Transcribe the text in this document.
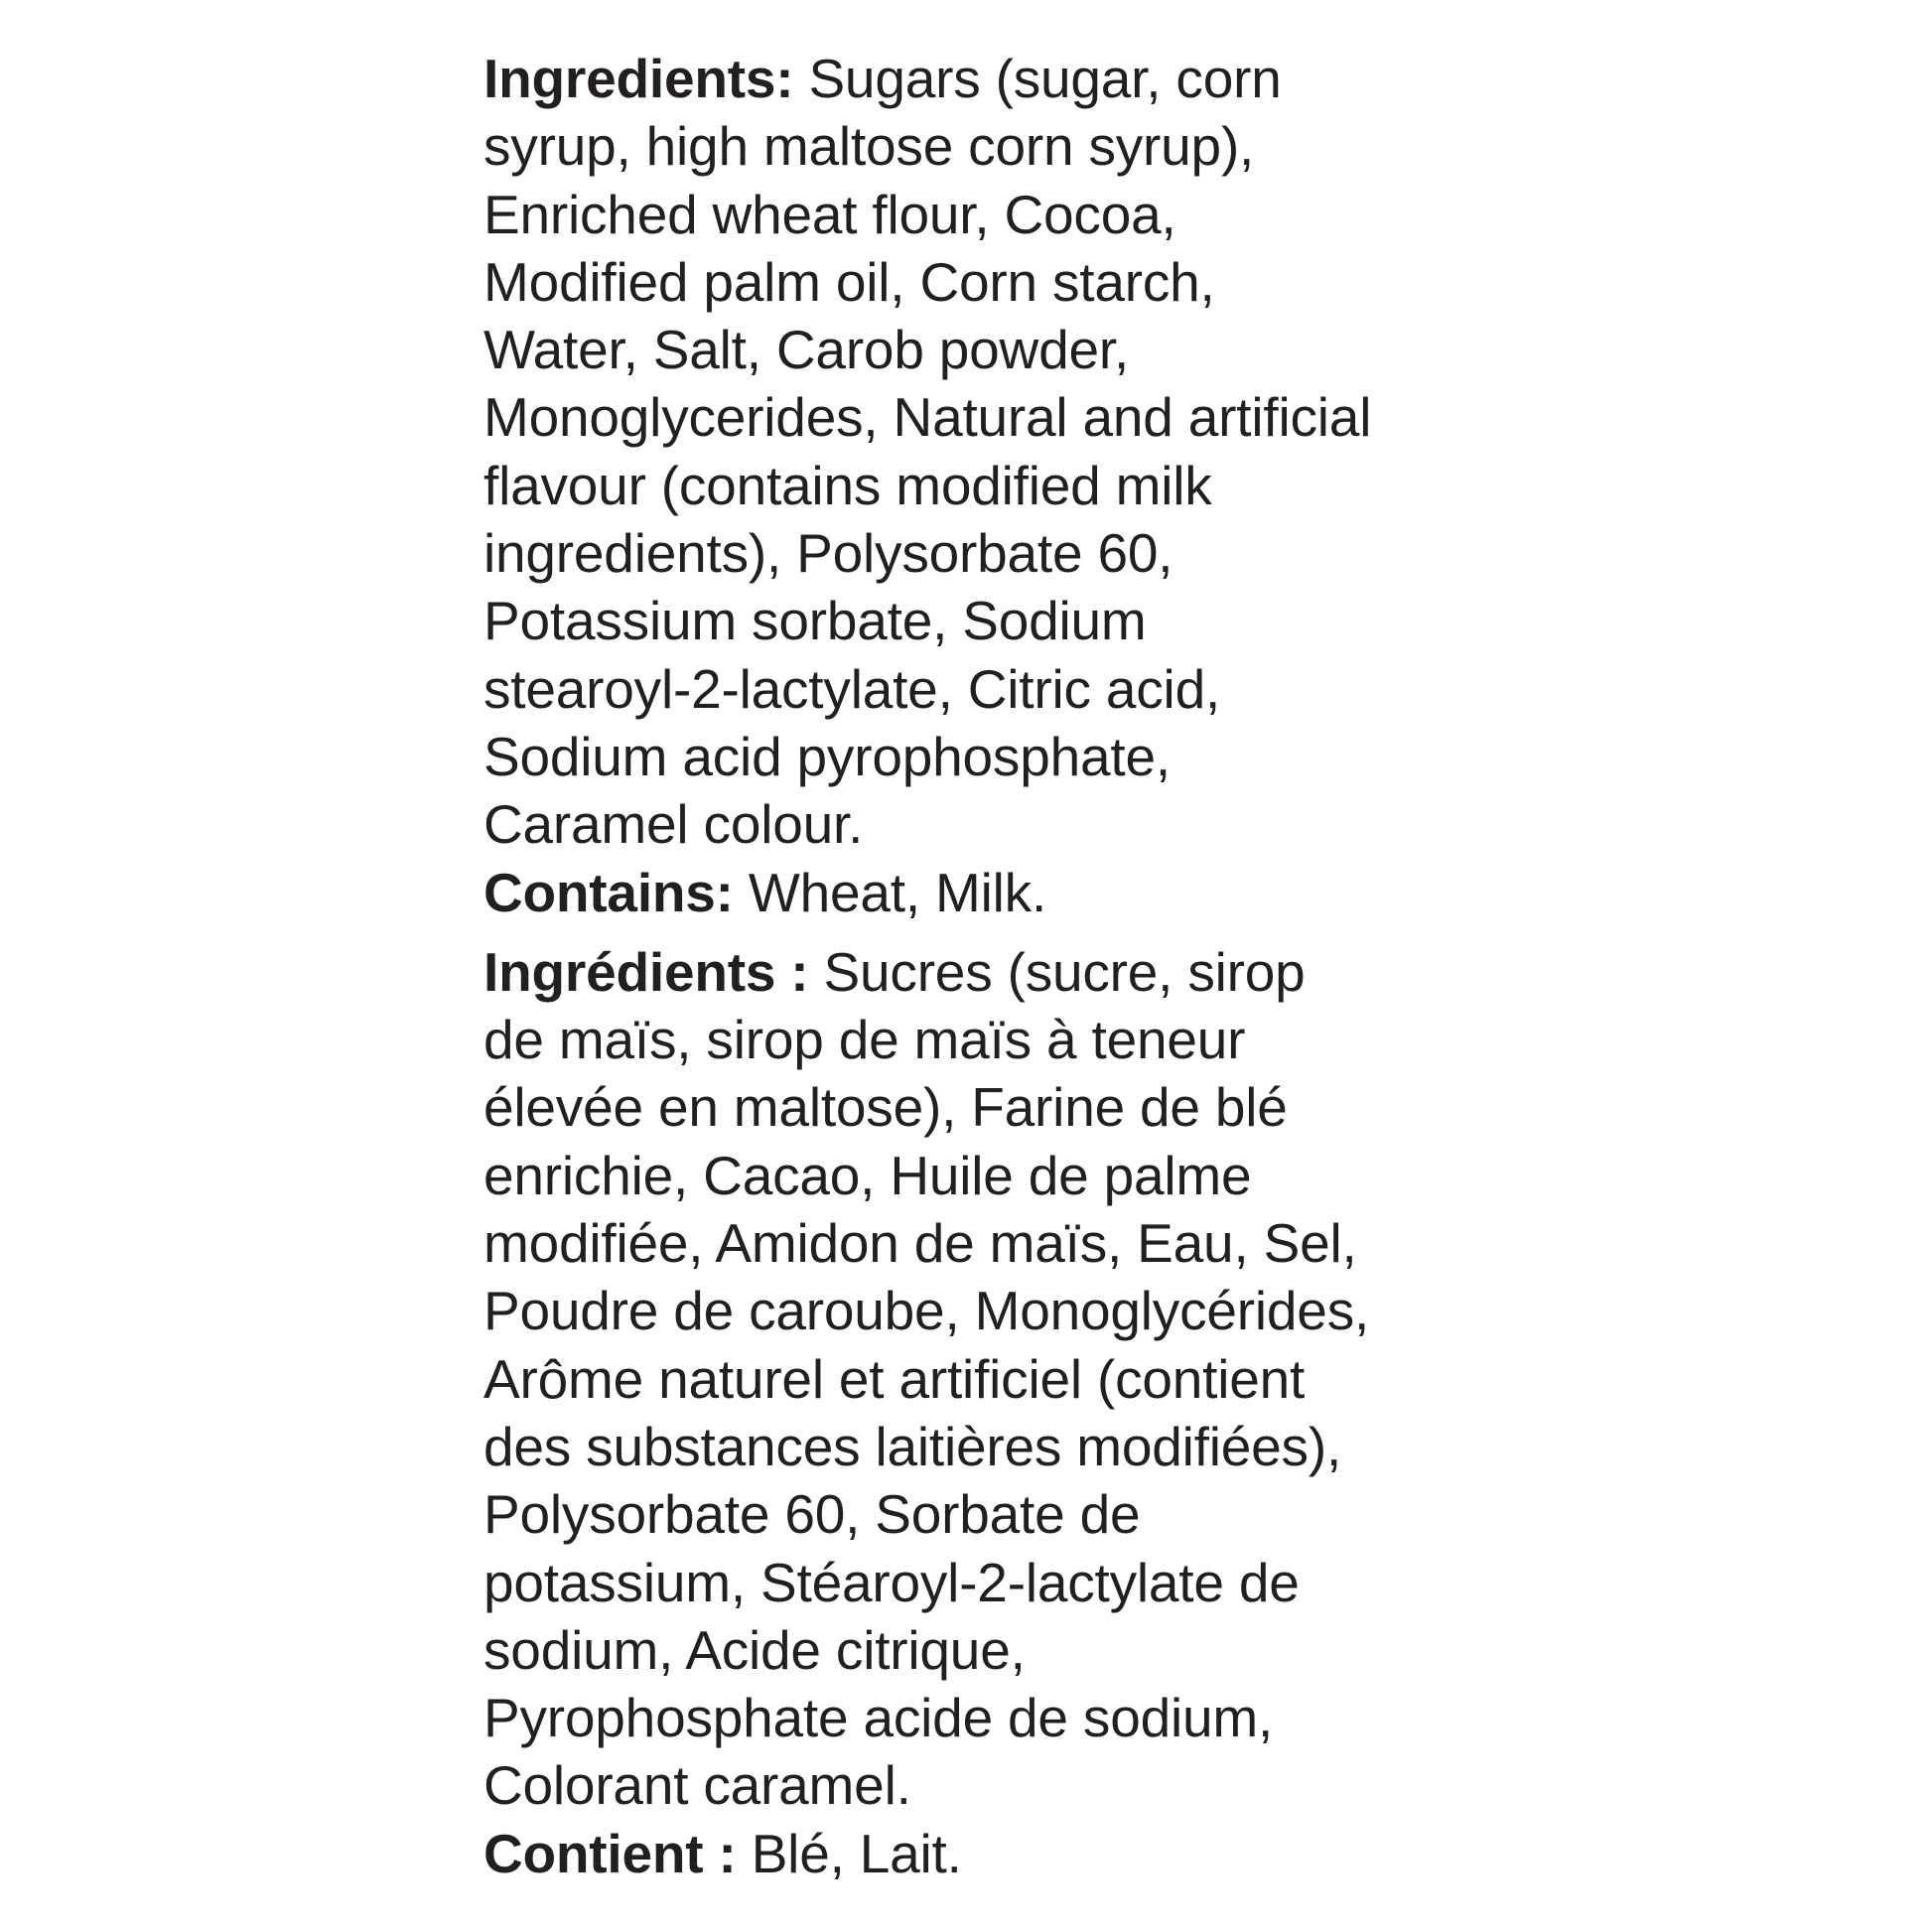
Ingredients: Sugars (sugar, corn
syrup, high maltose corn syrup),
Enriched wheat flour, Cocoa,
Modified palm oil, Corn starch,
Water, Salt, Carob powder,
Monoglycerides, Natural and artificial
flavour (contains modified milk
ingredients), Polysorbate 60,
Potassium sorbate, Sodium
stearoyl-2-lactylate, Citric acid,
Sodium acid pyrophosphate,
Caramel colour.
Contains: Wheat, Milk.
Ingrédients : Sucres (sucre, sirop
de maïs, sirop de maïs à teneur
élevée en maltose), Farine de blé
enrichie, Cacao, Huile de palme
modifiée, Amidon de maïs, Eau, Sel,
Poudre de caroube, Monoglycérides,
Arôme naturel et artificiel (contient
des substances laitières modifiées),
Polysorbate 60, Sorbate de
potassium, Stéaroyl-2-lactylate de
sodium, Acide citrique,
Pyrophosphate acide de sodium,
Colorant caramel.
Contient : Blé, Lait.
